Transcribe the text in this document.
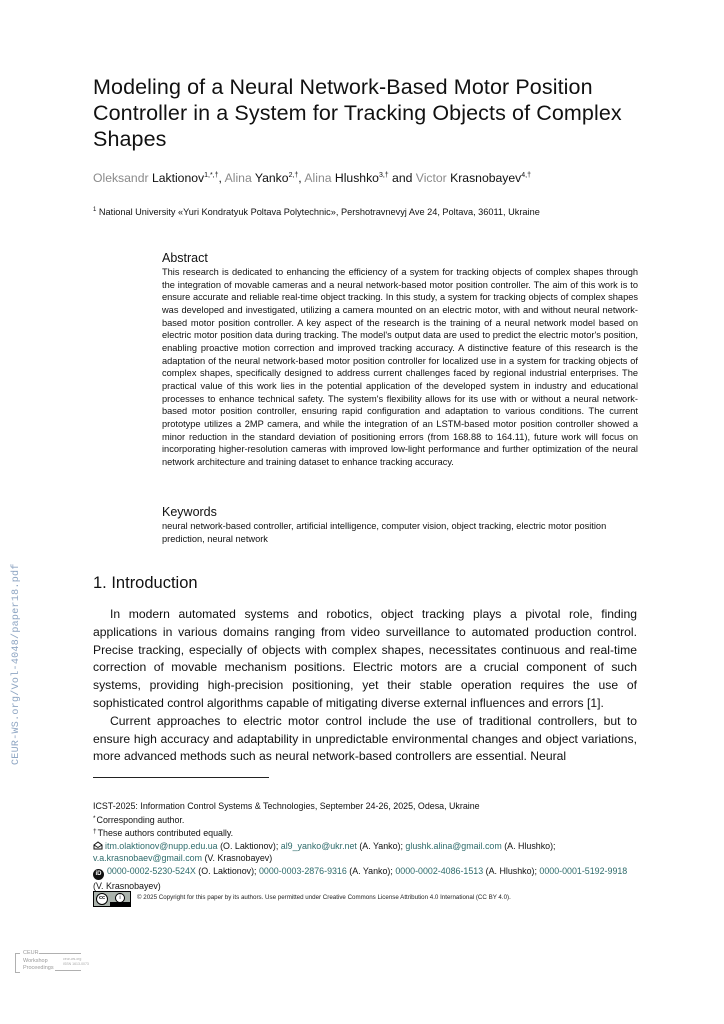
Modeling of a Neural Network-Based Motor Position Controller in a System for Tracking Objects of Complex Shapes
Oleksandr Laktionov$^{1,*,\dagger}$, Alina Yanko$^{2,\dagger}$, Alina Hlushko$^{3,\dagger}$ and Victor Krasnobayev$^{4,\dagger}$
$^1$ National University «Yuri Kondratyuk Poltava Polytechnic», Pershotravnevyj Ave 24, Poltava, 36011, Ukraine
Abstract

This research is dedicated to enhancing the efficiency of a system for tracking objects of complex shapes through the integration of movable cameras and a neural network-based motor position controller. The aim of this work is to ensure accurate and reliable real-time object tracking. In this study, a system for tracking objects of complex shapes was developed and investigated, utilizing a camera mounted on an electric motor, with and without neural network-based motor position controller. A key aspect of the research is the training of a neural network model based on electric motor position data during tracking. The model's output data are used to predict the electric motor's position, enabling proactive motion correction and improved tracking accuracy. A distinctive feature of this research is the adaptation of the neural network-based motor position controller for localized use in a system for tracking objects of complex shapes, specifically designed to address current challenges faced by regional industrial enterprises. The practical value of this work lies in the potential application of the developed system in industry and educational processes to enhance technical safety. The system's flexibility allows for its use with or without a neural network-based motor position controller, ensuring rapid configuration and adaptation to various conditions. The current prototype utilizes a 2MP camera, and while the integration of an LSTM-based motor position controller showed a minor reduction in the standard deviation of positioning errors (from 168.88 to 164.11), future work will focus on incorporating higher-resolution cameras with improved low-light performance and further optimization of the neural network architecture and training dataset to enhance tracking accuracy.

Keywords

neural network-based controller, artificial intelligence, computer vision, object tracking, electric motor position prediction, neural network

1. Introduction

In modern automated systems and robotics, object tracking plays a pivotal role, finding applications in various domains ranging from video surveillance to automated production control. Precise tracking, especially of objects with complex shapes, necessitates continuous and real-time correction of movable mechanism positions. Electric motors are a crucial component of such systems, providing high-precision positioning, yet their stable operation requires the use of sophisticated control algorithms capable of mitigating diverse external influences and errors [1].

Current approaches to electric motor control include the use of traditional controllers, but to ensure high accuracy and adaptability in unpredictable environmental changes and object variations, more advanced methods such as neural network-based controllers are essential. Neural

ICST-2025: Information Control Systems & Technologies, September 24-26, 2025, Odesa, Ukraine
*Corresponding author.
†These authors contributed equally.
itm.olaktionov@nupp.edu.ua (O. Laktionov); al9_yanko@ukr.net (A. Yanko); glushk.alina@gmail.com (A. Hlushko);
v.a.krasnobaev@gmail.com (V. Krasnobayev)
iD 0000-0002-5230-524X (O. Laktionov); 0000-0003-2876-9316 (A. Yanko); 0000-0002-4086-1513 (A. Hlushko); 0000-0001-5192-9918 (V. Krasnobayev)
cc	i	© 2025 Copyright for this paper by its authors. Use permitted under Creative Commons License Attribution 4.0 International (CC BY 4.0).
CEUR-WS.org/Vol-4048/paper18.pdf
CEUR
Workshop
Proceedings
ceur-ws.org
ISSN 1613-0073
